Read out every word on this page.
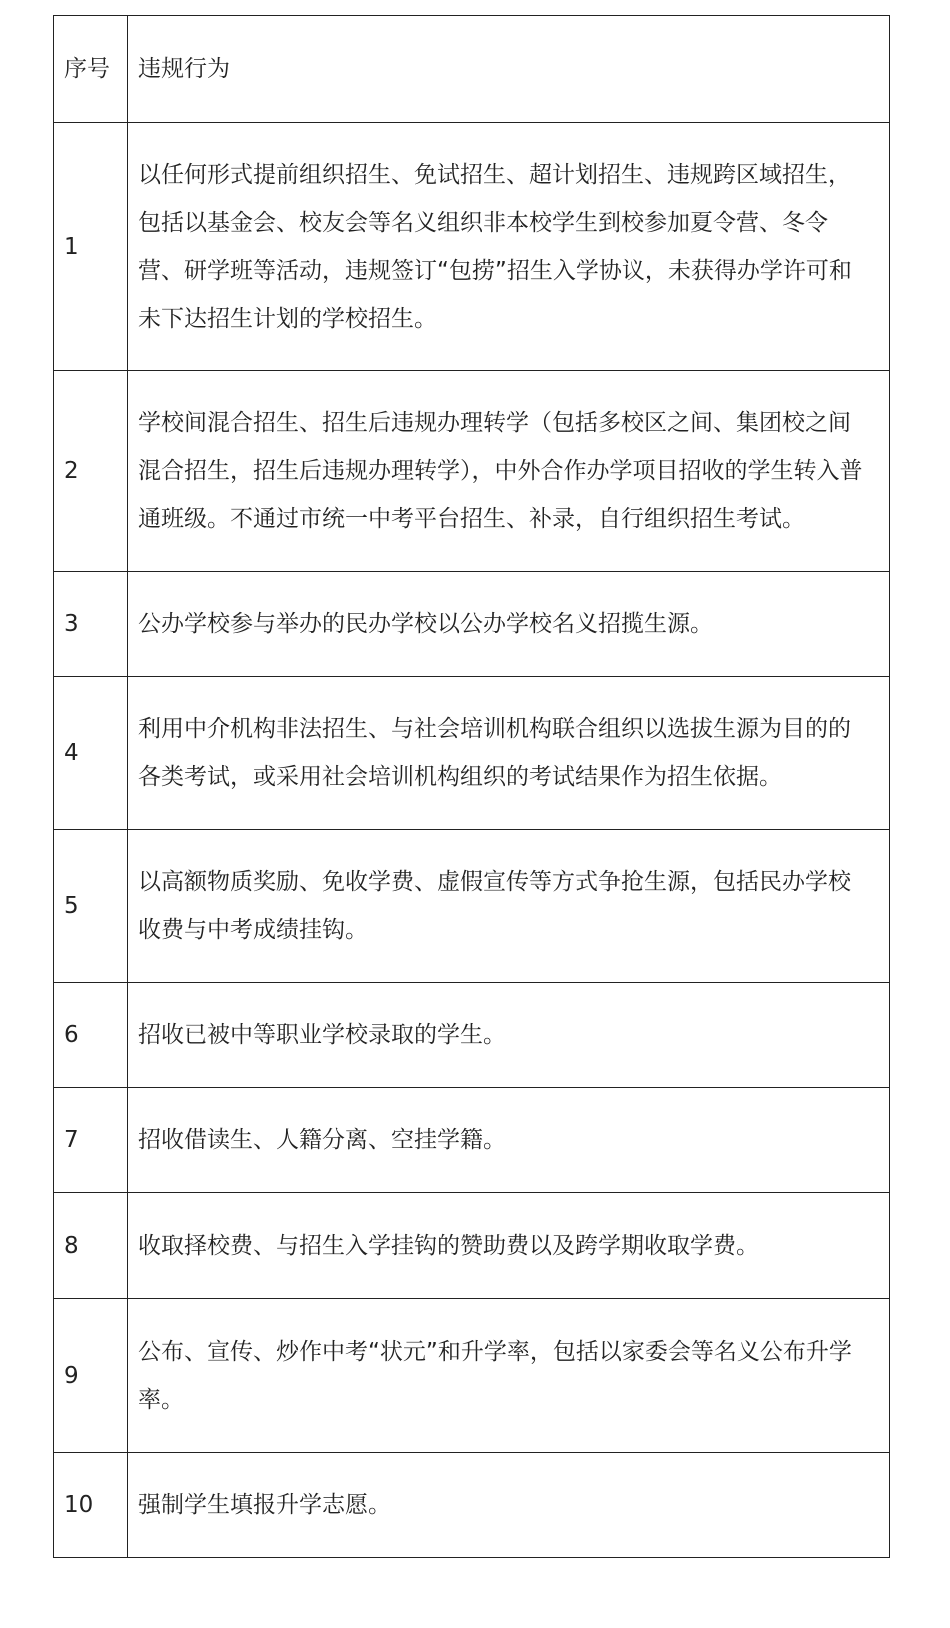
序号	违规行为
1	以任何形式提前组织招生、免试招生、超计划招生、违规跨区域招生，包括以基金会、校友会等名义组织非本校学生到校参加夏令营、冬令营、研学班等活动，违规签订“包捞”招生入学协议，未获得办学许可和未下达招生计划的学校招生。
2	学校间混合招生、招生后违规办理转学（包括多校区之间、集团校之间混合招生，招生后违规办理转学），中外合作办学项目招收的学生转入普通班级。不通过市统一中考平台招生、补录，自行组织招生考试。
3	公办学校参与举办的民办学校以公办学校名义招揽生源。
4	利用中介机构非法招生、与社会培训机构联合组织以选拔生源为目的的各类考试，或采用社会培训机构组织的考试结果作为招生依据。
5	以高额物质奖励、免收学费、虚假宣传等方式争抢生源，包括民办学校收费与中考成绩挂钩。
6	招收已被中等职业学校录取的学生。
7	招收借读生、人籍分离、空挂学籍。
8	收取择校费、与招生入学挂钩的赞助费以及跨学期收取学费。
9	公布、宣传、炒作中考“状元”和升学率，包括以家委会等名义公布升学率。
10	强制学生填报升学志愿。
